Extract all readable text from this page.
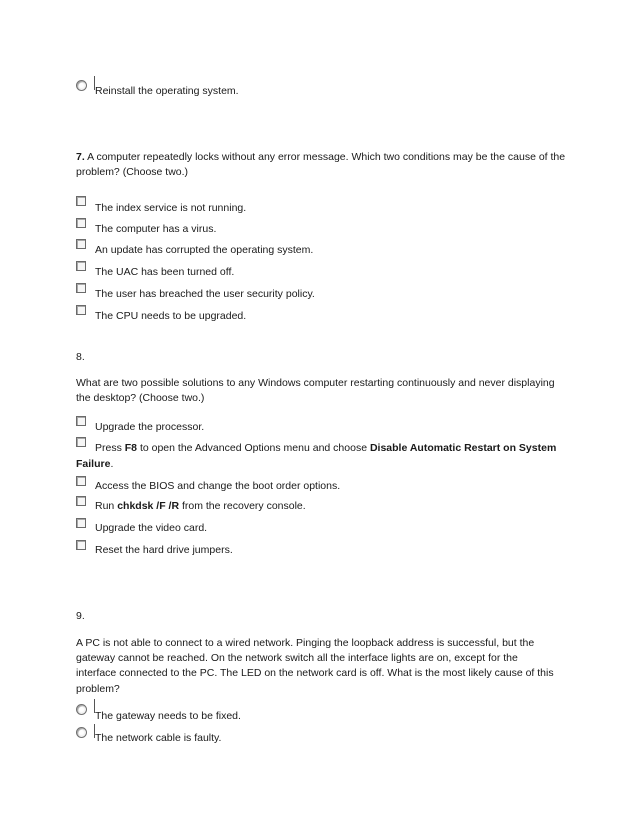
Reinstall the operating system.
7. A computer repeatedly locks without any error message. Which two conditions may be the cause of the problem? (Choose two.)
The index service is not running.
The computer has a virus.
An update has corrupted the operating system.
The UAC has been turned off.
The user has breached the user security policy.
The CPU needs to be upgraded.
8.
What are two possible solutions to any Windows computer restarting continuously and never displaying the desktop? (Choose two.)
Upgrade the processor.
Press F8 to open the Advanced Options menu and choose Disable Automatic Restart on System Failure.
Access the BIOS and change the boot order options.
Run chkdsk /F /R from the recovery console.
Upgrade the video card.
Reset the hard drive jumpers.
9.
A PC is not able to connect to a wired network. Pinging the loopback address is successful, but the gateway cannot be reached. On the network switch all the interface lights are on, except for the interface connected to the PC. The LED on the network card is off. What is the most likely cause of this problem?
The gateway needs to be fixed.
The network cable is faulty.
